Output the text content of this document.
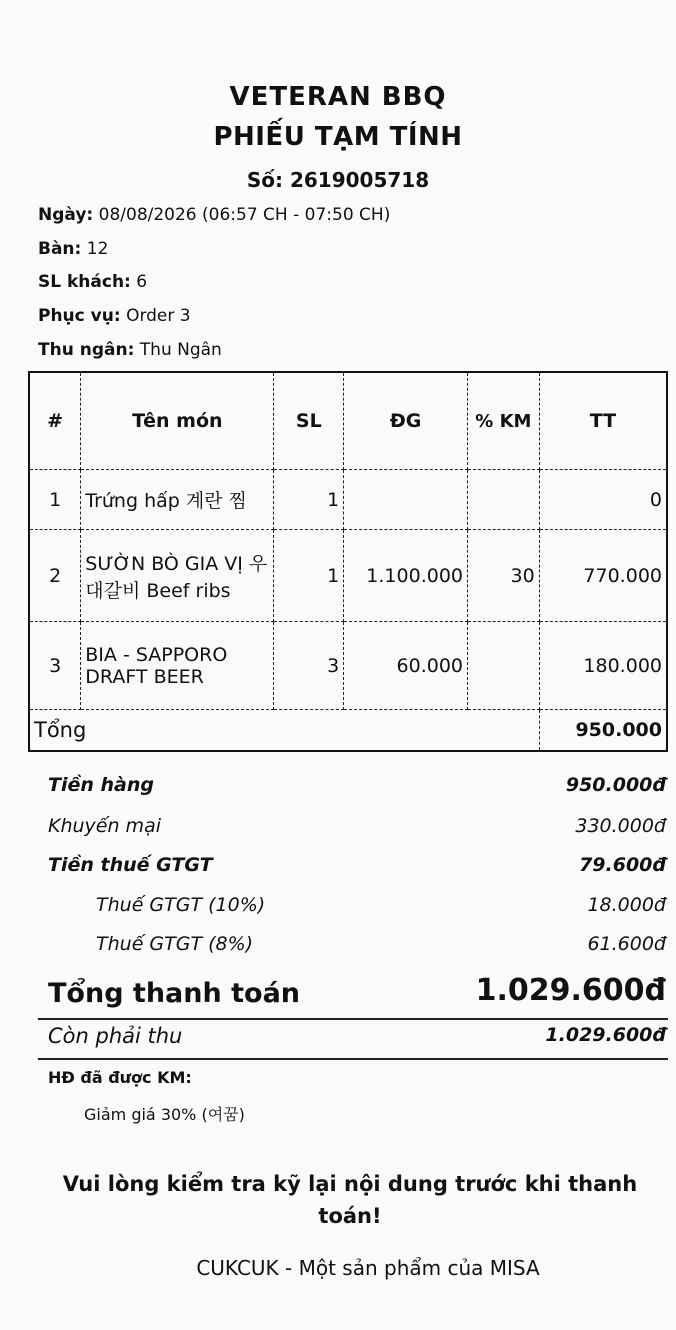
VETERAN BBQ
PHIẾU TẠM TÍNH
Số: 2619005718
Ngày: 08/08/2026 (06:57 CH - 07:50 CH)
Bàn: 12
SL khách: 6
Phục vụ: Order 3
Thu ngân: Thu Ngân
#	Tên món	SL	ĐG	% KM	TT
1	Trứng hấp 계란 찜	1			0
2	SƯỜN BÒ GIA VỊ 우대갈비 Beef ribs	1	1.100.000	30	770.000
3	BIA - SAPPORO DRAFT BEER	3	60.000		180.000
Tổng					950.000
Tiền hàng	950.000đ
Khuyến mại	330.000đ
Tiền thuế GTGT	79.600đ
Thuế GTGT (10%)	18.000đ
Thuế GTGT (8%)	61.600đ
Tổng thanh toán	1.029.600đ
Còn phải thu	1.029.600đ
HĐ đã được KM:
Giảm giá 30% (여꿈)
Vui lòng kiểm tra kỹ lại nội dung trước khi thanh toán!
CUKCUK - Một sản phẩm của MISA
